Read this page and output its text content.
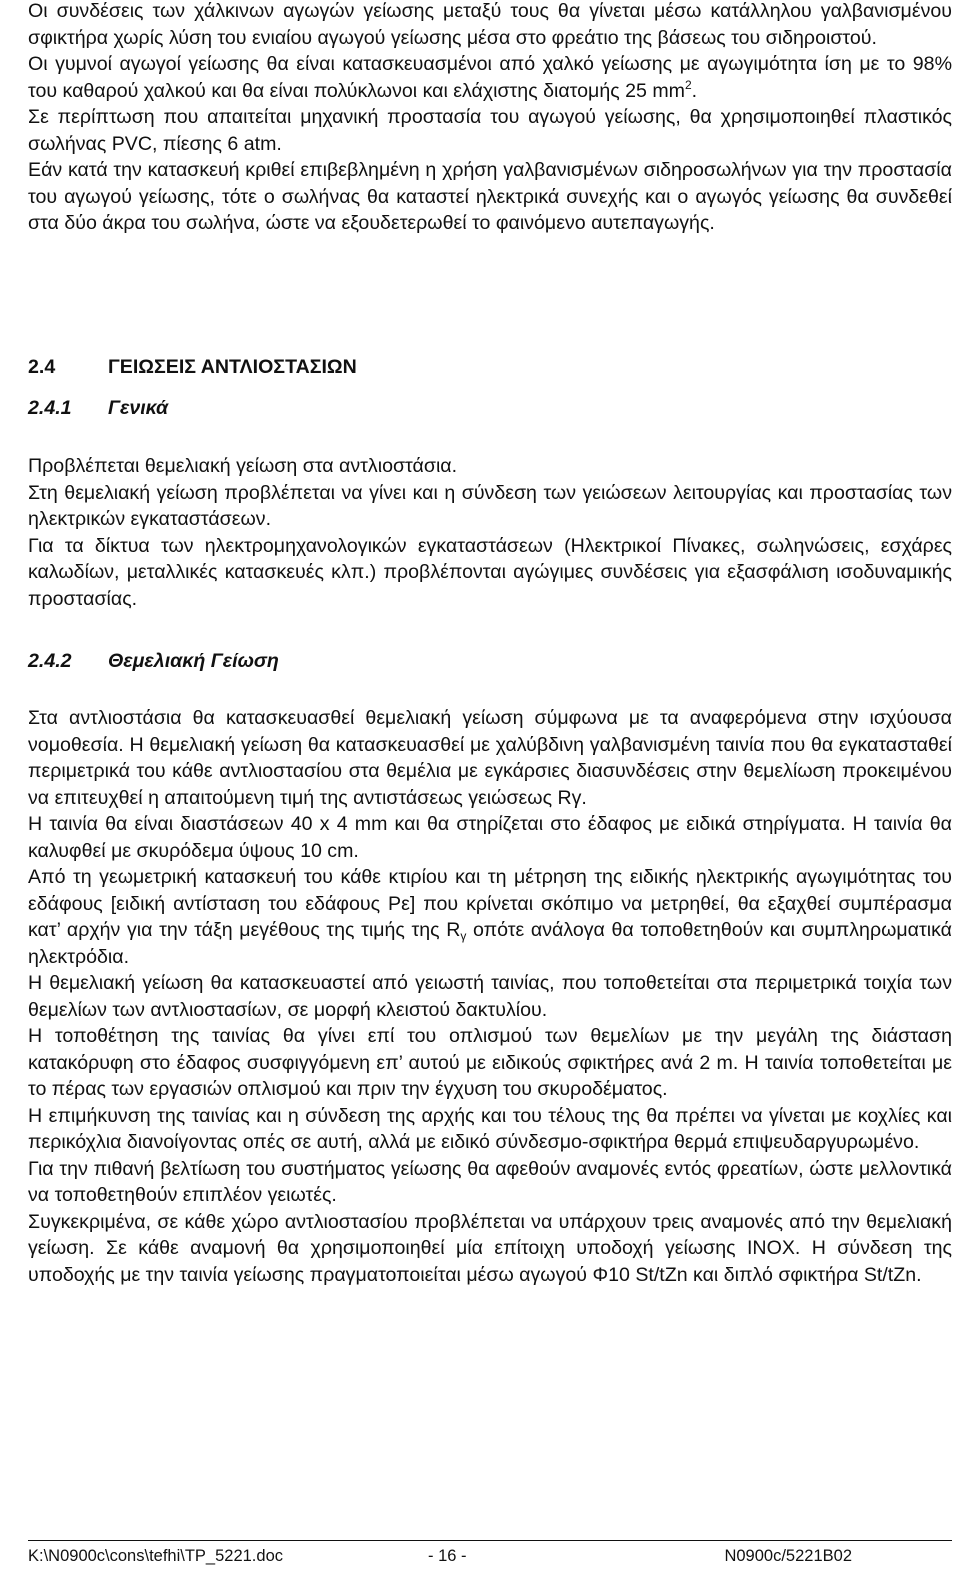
Οι συνδέσεις των χάλκινων αγωγών γείωσης μεταξύ τους θα γίνεται μέσω κατάλληλου γαλβανισμένου σφικτήρα χωρίς λύση του ενιαίου αγωγού γείωσης μέσα στο φρεάτιο της βάσεως του σιδηροιστού.

Οι γυμνοί αγωγοί γείωσης θα είναι κατασκευασμένοι από χαλκό γείωσης με αγωγιμότητα ίση με το 98% του καθαρού χαλκού και θα είναι πολύκλωνοι και ελάχιστης διατομής 25 $mm^2$.

Σε περίπτωση που απαιτείται μηχανική προστασία του αγωγού γείωσης, θα χρησιμοποιηθεί πλαστικός σωλήνας PVC, πίεσης 6 atm.

Εάν κατά την κατασκευή κριθεί επιβεβλημένη η χρήση γαλβανισμένων σιδηροσωλήνων για την προστασία του αγωγού γείωσης, τότε ο σωλήνας θα καταστεί ηλεκτρικά συνεχής και ο αγωγός γείωσης θα συνδεθεί στα δύο άκρα του σωλήνα, ώστε να εξουδετερωθεί το φαινόμενο αυτεπαγωγής.

2.4	ΓΕΙΩΣΕΙΣ ΑΝΤΛΙΟΣΤΑΣΙΩΝ
2.4.1 Γενικά

Προβλέπεται θεμελιακή γείωση στα αντλιοστάσια.

Στη θεμελιακή γείωση προβλέπεται να γίνει και η σύνδεση των γειώσεων λειτουργίας και προστασίας των ηλεκτρικών εγκαταστάσεων.

Για τα δίκτυα των ηλεκτρομηχανολογικών εγκαταστάσεων (Ηλεκτρικοί Πίνακες, σωληνώσεις, εσχάρες καλωδίων, μεταλλικές κατασκευές κλπ.) προβλέπονται αγώγιμες συνδέσεις για εξασφάλιση ισοδυναμικής προστασίας.

2.4.2 Θεμελιακή Γείωση

Στα αντλιοστάσια θα κατασκευασθεί θεμελιακή γείωση σύμφωνα με τα αναφερόμενα στην ισχύουσα νομοθεσία. Η θεμελιακή γείωση θα κατασκευασθεί με χαλύβδινη γαλβανισμένη ταινία που θα εγκατασταθεί περιμετρικά του κάθε αντλιοστασίου στα θεμέλια με εγκάρσιες διασυνδέσεις στην θεμελίωση προκειμένου να επιτευχθεί η απαιτούμενη τιμή της αντιστάσεως γειώσεως Rγ.

Η ταινία θα είναι διαστάσεων 40 x 4 mm και θα στηρίζεται στο έδαφος με ειδικά στηρίγματα. Η ταινία θα καλυφθεί με σκυρόδεμα ύψους 10 cm.

Από τη γεωμετρική κατασκευή του κάθε κτιρίου και τη μέτρηση της ειδικής ηλεκτρικής αγωγιμότητας του εδάφους [ειδική αντίσταση του εδάφους Ρε] που κρίνεται σκόπιμο να μετρηθεί, θα εξαχθεί συμπέρασμα κατ’ αρχήν για την τάξη μεγέθους της τιμής της $R_\gamma$ οπότε ανάλογα θα τοποθετηθούν και συμπληρωματικά ηλεκτρόδια.

Η θεμελιακή γείωση θα κατασκευαστεί από γειωστή ταινίας, που τοποθετείται στα περιμετρικά τοιχία των θεμελίων των αντλιοστασίων, σε μορφή κλειστού δακτυλίου.

Η τοποθέτηση της ταινίας θα γίνει επί του οπλισμού των θεμελίων με την μεγάλη της διάσταση κατακόρυφη στο έδαφος συσφιγγόμενη επ’ αυτού με ειδικούς σφικτήρες ανά 2 m. Η ταινία τοποθετείται με το πέρας των εργασιών οπλισμού και πριν την έγχυση του σκυροδέματος.

Η επιμήκυνση της ταινίας και η σύνδεση της αρχής και του τέλους της θα πρέπει να γίνεται με κοχλίες και περικόχλια διανοίγοντας οπές σε αυτή, αλλά με ειδικό σύνδεσμο-σφικτήρα θερμά επιψευδαργυρωμένο.

Για την πιθανή βελτίωση του συστήματος γείωσης θα αφεθούν αναμονές εντός φρεατίων, ώστε μελλοντικά να τοποθετηθούν επιπλέον γειωτές.

Συγκεκριμένα, σε κάθε χώρο αντλιοστασίου προβλέπεται να υπάρχουν τρεις αναμονές από την θεμελιακή γείωση. Σε κάθε αναμονή θα χρησιμοποιηθεί μία επίτοιχη υποδοχή γείωσης INOX. Η σύνδεση της υποδοχής με την ταινία γείωσης πραγματοποιείται μέσω αγωγού Φ10 St/tZn και διπλό σφικτήρα St/tZn.

K:\N0900c\cons\tefhi\TP_5221.doc	- 16 -	N0900c/5221B02
